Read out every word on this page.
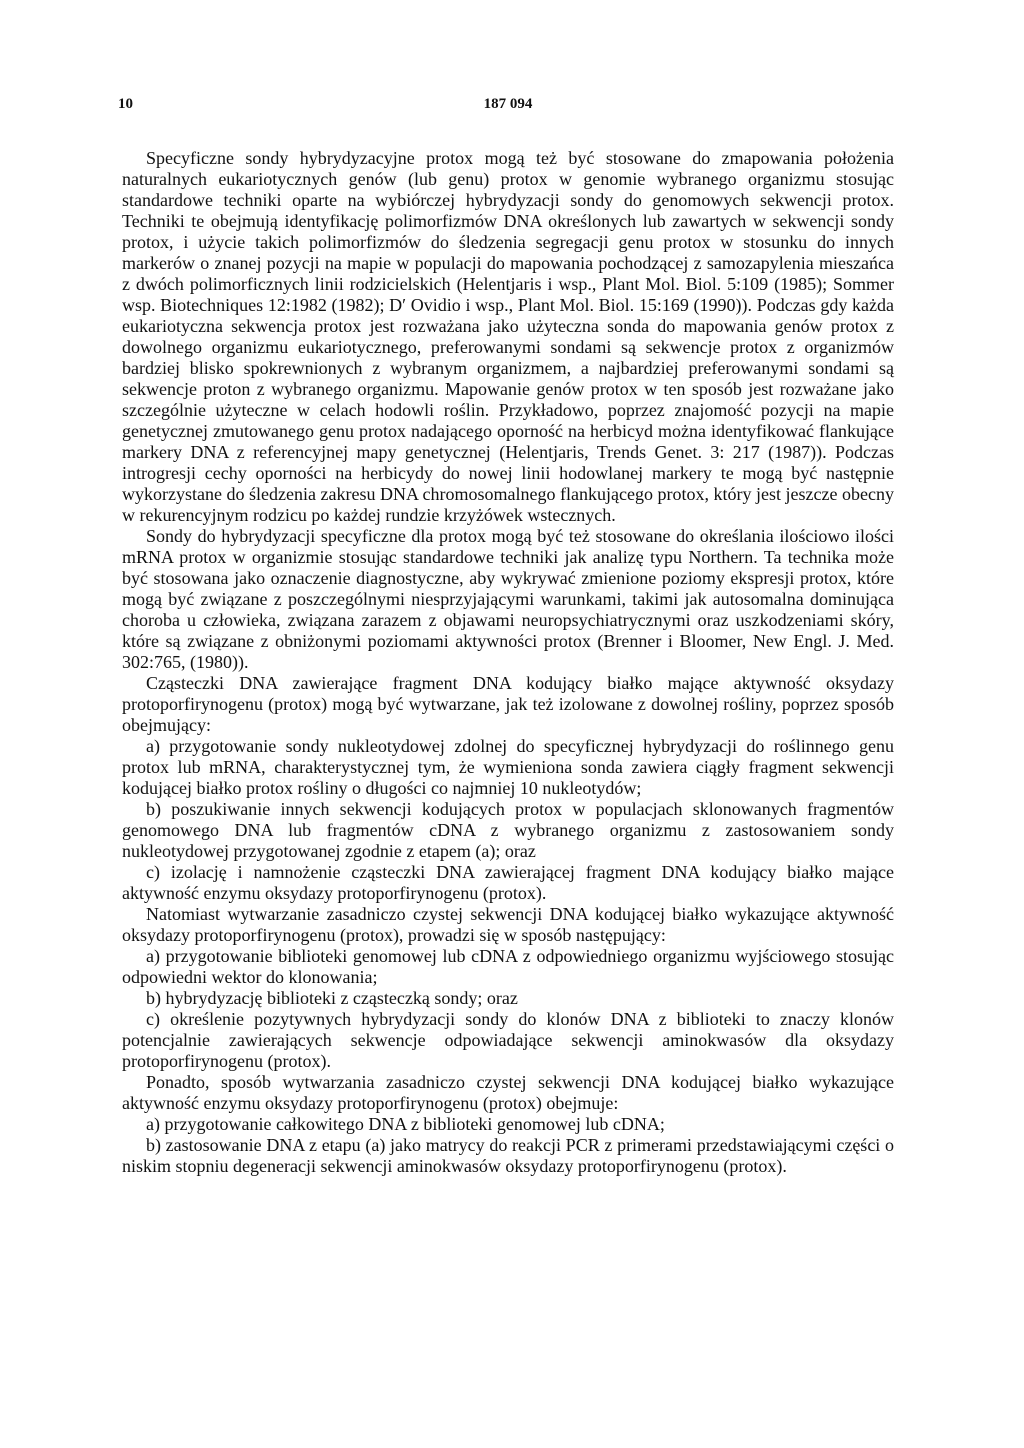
10	187 094

Specyficzne sondy hybrydyzacyjne protox mogą też być stosowane do zmapowania położenia naturalnych eukariotycznych genów (lub genu) protox w genomie wybranego organizmu stosując standardowe techniki oparte na wybiórczej hybrydyzacji sondy do genomowych sekwencji protox. Techniki te obejmują identyfikację polimorfizmów DNA określonych lub zawartych w sekwencji sondy protox, i użycie takich polimorfizmów do śledzenia segregacji genu protox w stosunku do innych markerów o znanej pozycji na mapie w populacji do mapowania pochodzącej z samozapylenia mieszańca z dwóch polimorficznych linii rodzicielskich (Helentjaris i wsp., Plant Mol. Biol. 5:109 (1985); Sommer wsp. Biotechniques 12:1982 (1982); D′ Ovidio i wsp., Plant Mol. Biol. 15:169 (1990)). Podczas gdy każda eukariotyczna sekwencja protox jest rozważana jako użyteczna sonda do mapowania genów protox z dowolnego organizmu eukariotycznego, preferowanymi sondami są sekwencje protox z organizmów bardziej blisko spokrewnionych z wybranym organizmem, a najbardziej preferowanymi sondami są sekwencje proton z wybranego organizmu. Mapowanie genów protox w ten sposób jest rozważane jako szczególnie użyteczne w celach hodowli roślin. Przykładowo, poprzez znajomość pozycji na mapie genetycznej zmutowanego genu protox nadającego oporność na herbicyd można identyfikować flankujące markery DNA z referencyjnej mapy genetycznej (Helentjaris, Trends Genet. 3: 217 (1987)). Podczas introgresji cechy oporności na herbicydy do nowej linii hodowlanej markery te mogą być następnie wykorzystane do śledzenia zakresu DNA chromosomalnego flankującego protox, który jest jeszcze obecny w rekurencyjnym rodzicu po każdej rundzie krzyżówek wstecznych.

Sondy do hybrydyzacji specyficzne dla protox mogą być też stosowane do określania ilościowo ilości mRNA protox w organizmie stosując standardowe techniki jak analizę typu Northern. Ta technika może być stosowana jako oznaczenie diagnostyczne, aby wykrywać zmienione poziomy ekspresji protox, które mogą być związane z poszczególnymi niesprzyjającymi warunkami, takimi jak autosomalna dominująca choroba u człowieka, związana zarazem z objawami neuropsychiatrycznymi oraz uszkodzeniami skóry, które są związane z obniżonymi poziomami aktywności protox (Brenner i Bloomer, New Engl. J. Med. 302:765, (1980)).

Cząsteczki DNA zawierające fragment DNA kodujący białko mające aktywność oksydazy protoporfirynogenu (protox) mogą być wytwarzane, jak też izolowane z dowolnej rośliny, poprzez sposób obejmujący:

a) przygotowanie sondy nukleotydowej zdolnej do specyficznej hybrydyzacji do roślinnego genu protox lub mRNA, charakterystycznej tym, że wymieniona sonda zawiera ciągły fragment sekwencji kodującej białko protox rośliny o długości co najmniej 10 nukleotydów;

b) poszukiwanie innych sekwencji kodujących protox w populacjach sklonowanych fragmentów genomowego DNA lub fragmentów cDNA z wybranego organizmu z zastosowaniem sondy nukleotydowej przygotowanej zgodnie z etapem (a); oraz

c) izolację i namnożenie cząsteczki DNA zawierającej fragment DNA kodujący białko mające aktywność enzymu oksydazy protoporfirynogenu (protox).

Natomiast wytwarzanie zasadniczo czystej sekwencji DNA kodującej białko wykazujące aktywność oksydazy protoporfirynogenu (protox), prowadzi się w sposób następujący:

a) przygotowanie biblioteki genomowej lub cDNA z odpowiedniego organizmu wyjściowego stosując odpowiedni wektor do klonowania;

b) hybrydyzację biblioteki z cząsteczką sondy; oraz

c) określenie pozytywnych hybrydyzacji sondy do klonów DNA z biblioteki to znaczy klonów potencjalnie zawierających sekwencje odpowiadające sekwencji aminokwasów dla oksydazy protoporfirynogenu (protox).

Ponadto, sposób wytwarzania zasadniczo czystej sekwencji DNA kodującej białko wykazujące aktywność enzymu oksydazy protoporfirynogenu (protox) obejmuje:

a) przygotowanie całkowitego DNA z biblioteki genomowej lub cDNA;

b) zastosowanie DNA z etapu (a) jako matrycy do reakcji PCR z primerami przedstawiającymi części o niskim stopniu degeneracji sekwencji aminokwasów oksydazy protoporfirynogenu (protox).
